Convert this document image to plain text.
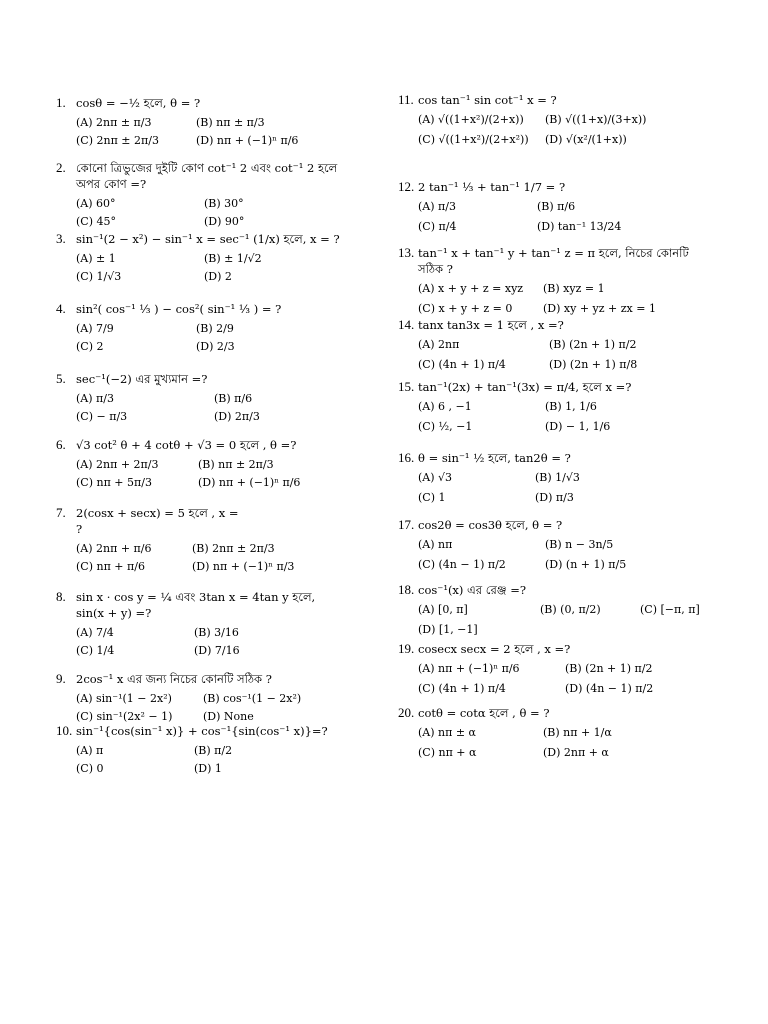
1. cosθ = −½ হলে, θ = ?
(A) 2nπ ± π/3	(B) nπ ± π/3
(C) 2nπ ± 2π/3	(D) nπ + (−1)ⁿ π/6
2. কোনো ত্রিভুজের দুইটি কোণ cot⁻¹ 2 এবং cot⁻¹ 2 হলে
অপর কোণ =?
(A) 60°	(B) 30°
(C) 45°	(D) 90°
3. sin⁻¹(2 − x²) − sin⁻¹ x = sec⁻¹ (1/x) হলে, x = ?
(A) ± 1	(B) ± 1/√2
(C) 1/√3	(D) 2
4. sin²( cos⁻¹ ⅓ ) − cos²( sin⁻¹ ⅓ ) = ?
(A) 7/9	(B) 2/9
(C) 2	(D) 2/3
5. sec⁻¹(−2) এর মুখ্যমান =?
(A) π/3	(B) π/6
(C) − π/3	(D) 2π/3
6. √3 cot² θ + 4 cotθ + √3 = 0 হলে , θ =?
(A) 2nπ + 2π/3	(B) nπ ± 2π/3
(C) nπ + 5π/3	(D) nπ + (−1)ⁿ π/6
7. 2(cosx + secx) = 5 হলে , x =
?
(A) 2nπ + π/6	(B) 2nπ ± 2π/3
(C) nπ + π/6	(D) nπ + (−1)ⁿ π/3
8. sin x · cos y = ¼ এবং 3tan x = 4tan y হলে,
sin(x + y) =?
(A) 7/4	(B) 3/16
(C) 1/4	(D) 7/16
9. 2cos⁻¹ x এর জন্য নিচের কোনটি সঠিক ?
(A) sin⁻¹(1 − 2x²)	(B) cos⁻¹(1 − 2x²)
(C) sin⁻¹(2x² − 1)	(D) None
10. sin⁻¹{cos(sin⁻¹ x)} + cos⁻¹{sin(cos⁻¹ x)}=?
(A) π	(B) π/2
(C) 0	(D) 1
11. cos tan⁻¹ sin cot⁻¹ x = ?
(A) √((1+x²)/(2+x)) (B) √((1+x)/(3+x))
(C) √((1+x²)/(2+x²)) (D) √(x²/(1+x))
12. 2 tan⁻¹ ⅓ + tan⁻¹ 1/7 = ?
(A) π/3	(B) π/6
(C) π/4	(D) tan⁻¹ 13/24
13. tan⁻¹ x + tan⁻¹ y + tan⁻¹ z = π হলে, নিচের কোনটি
সঠিক ?
(A) x + y + z = xyz (B) xyz = 1
(C) x + y + z = 0	(D) xy + yz + zx = 1
14. tanx tan3x = 1 হলে , x =?
(A) 2nπ	(B) (2n + 1) π/2
(C) (4n + 1) π/4	(D) (2n + 1) π/8
15. tan⁻¹(2x) + tan⁻¹(3x) = π/4, হলে x =?
(A) 6 , −1	(B) 1, 1/6
(C) ½, −1	(D) − 1, 1/6
16. θ = sin⁻¹ ½ হলে, tan2θ = ?
(A) √3	(B) 1/√3
(C) 1	(D) π/3
17. cos2θ = cos3θ হলে, θ = ?
(A) nπ	(B) n − 3n/5
(C) (4n − 1) π/2	(D) (n + 1) π/5
18. cos⁻¹(x) এর রেঞ্জ =?
(A) [0, π]	(B) (0, π/2)	(C) [−π, π]
(D) [1, −1]
19. cosecx secx = 2 হলে , x =?
(A) nπ + (−1)ⁿ π/6	(B) (2n + 1) π/2
(C) (4n + 1) π/4	(D) (4n − 1) π/2
20. cotθ = cotα হলে , θ = ?
(A) nπ ± α	(B) nπ + 1/α
(C) nπ + α	(D) 2nπ + α
